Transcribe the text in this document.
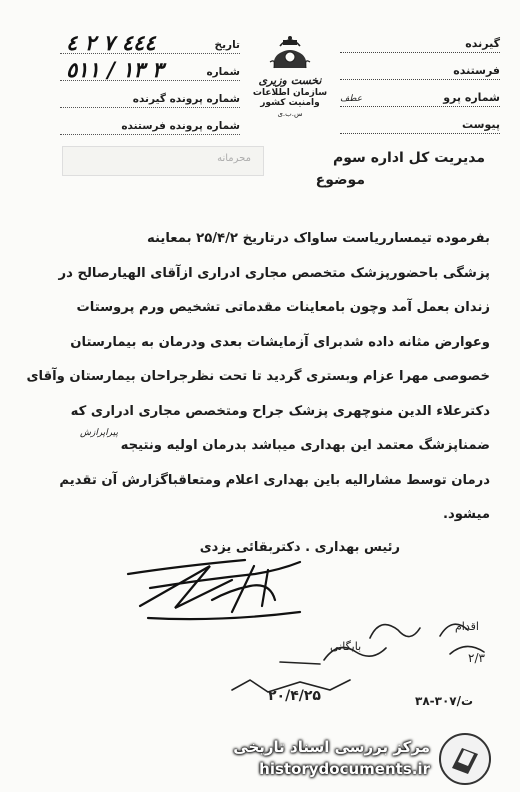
تاریخ
٤٤٤ ٧ ٢ ٤
شماره
٣ ١٣ / ٥١١
شماره پرونده گیرنده
شماره پرونده فرستنده
نخست وزیری
سازمان اطلاعات وامنیت کشور
س.ب.ی
گیرنده
فرستنده
شماره پرو
عطف
پیوست
محرمانه	مدیریت کل اداره سوم
موضوع

بفرموده تیمسارریاست ساواک درتاریخ ۲۵/۴/۲ بمعاینه

پزشگی باحضورپزشک متخصص مجاری ادراری ازآقای الهیارصالح در

زندان بعمل آمد وچون بامعاینات مقدماتی تشخیص ورم پروستات

وعوارض مثانه داده شدبرای آزمایشات بعدی ودرمان به بیمارستان

خصوصی مهرا عزام وبستری گردید تا تحت نظرجراحان بیمارستان وآقای

دکترعلاء الدین منوچهری پزشک جراح ومتخصص مجاری ادراری که

ضمناپزشگ معتمد این بهداری میباشد بدرمان اولیه ونتیجه

درمان توسط مشارالیه باین بهداری اعلام ومتعاقباگزارش آن تقدیم

میشود.

پیراپرازش
رئیس بهداری . دکتربقائی یزدی
اقدام
بایگانی
۲/۳
۲۰/۴/۲۵	۳۸-۳۰۷/ت
مرکز بررسی اسناد تاریخی
historydocuments.ir
